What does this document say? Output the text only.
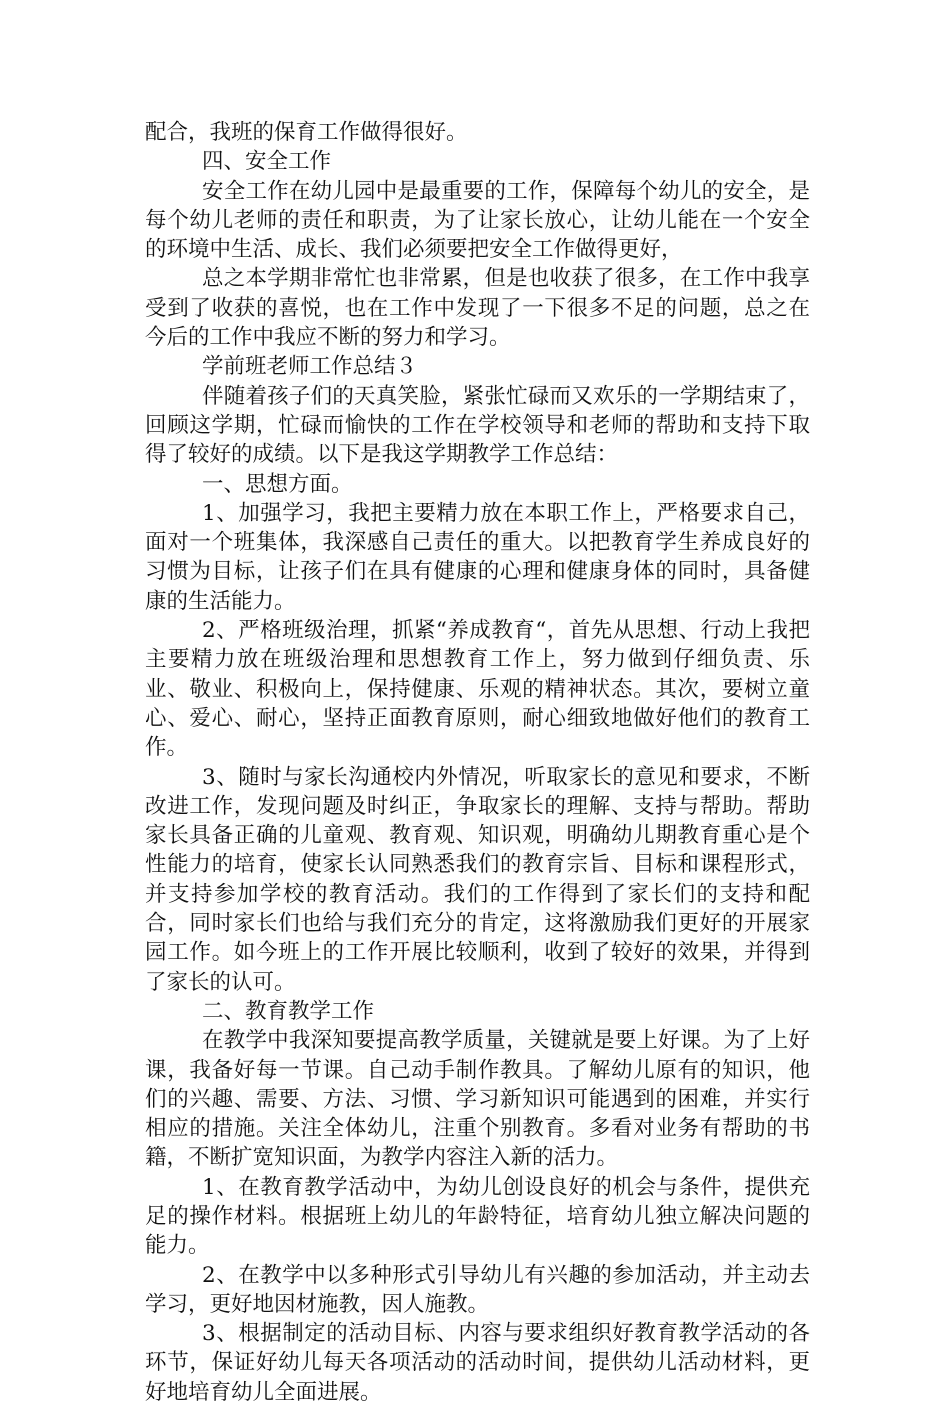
配合，我班的保育工作做得很好。

四、安全工作

安全工作在幼儿园中是最重要的工作，保障每个幼儿的安全，是每个幼儿老师的责任和职责，为了让家长放心，让幼儿能在一个安全的环境中生活、成长、我们必须要把安全工作做得更好，

总之本学期非常忙也非常累，但是也收获了很多，在工作中我享受到了收获的喜悦，也在工作中发现了一下很多不足的问题，总之在今后的工作中我应不断的努力和学习。

学前班老师工作总结３

伴随着孩子们的天真笑脸，紧张忙碌而又欢乐的一学期结束了，回顾这学期，忙碌而愉快的工作在学校领导和老师的帮助和支持下取得了较好的成绩。以下是我这学期教学工作总结：

一、思想方面。

1、加强学习，我把主要精力放在本职工作上，严格要求自己，面对一个班集体，我深感自己责任的重大。以把教育学生养成良好的习惯为目标，让孩子们在具有健康的心理和健康身体的同时，具备健康的生活能力。

2、严格班级治理，抓紧“养成教育“，首先从思想、行动上我把主要精力放在班级治理和思想教育工作上，努力做到仔细负责、乐业、敬业、积极向上，保持健康、乐观的精神状态。其次，要树立童心、爱心、耐心，坚持正面教育原则，耐心细致地做好他们的教育工作。

3、随时与家长沟通校内外情况，听取家长的意见和要求，不断改进工作，发现问题及时纠正，争取家长的理解、支持与帮助。帮助家长具备正确的儿童观、教育观、知识观，明确幼儿期教育重心是个性能力的培育，使家长认同熟悉我们的教育宗旨、目标和课程形式，并支持参加学校的教育活动。我们的工作得到了家长们的支持和配合，同时家长们也给与我们充分的肯定，这将激励我们更好的开展家园工作。如今班上的工作开展比较顺利，收到了较好的效果，并得到了家长的认可。

二、教育教学工作

在教学中我深知要提高教学质量，关键就是要上好课。为了上好课，我备好每一节课。自己动手制作教具。了解幼儿原有的知识，他们的兴趣、需要、方法、习惯、学习新知识可能遇到的困难，并实行相应的措施。关注全体幼儿，注重个别教育。多看对业务有帮助的书籍，不断扩宽知识面，为教学内容注入新的活力。

1、在教育教学活动中，为幼儿创设良好的机会与条件，提供充足的操作材料。根据班上幼儿的年龄特征，培育幼儿独立解决问题的能力。

2、在教学中以多种形式引导幼儿有兴趣的参加活动，并主动去学习，更好地因材施教，因人施教。

3、根据制定的活动目标、内容与要求组织好教育教学活动的各环节，保证好幼儿每天各项活动的活动时间，提供幼儿活动材料，更好地培育幼儿全面进展。
